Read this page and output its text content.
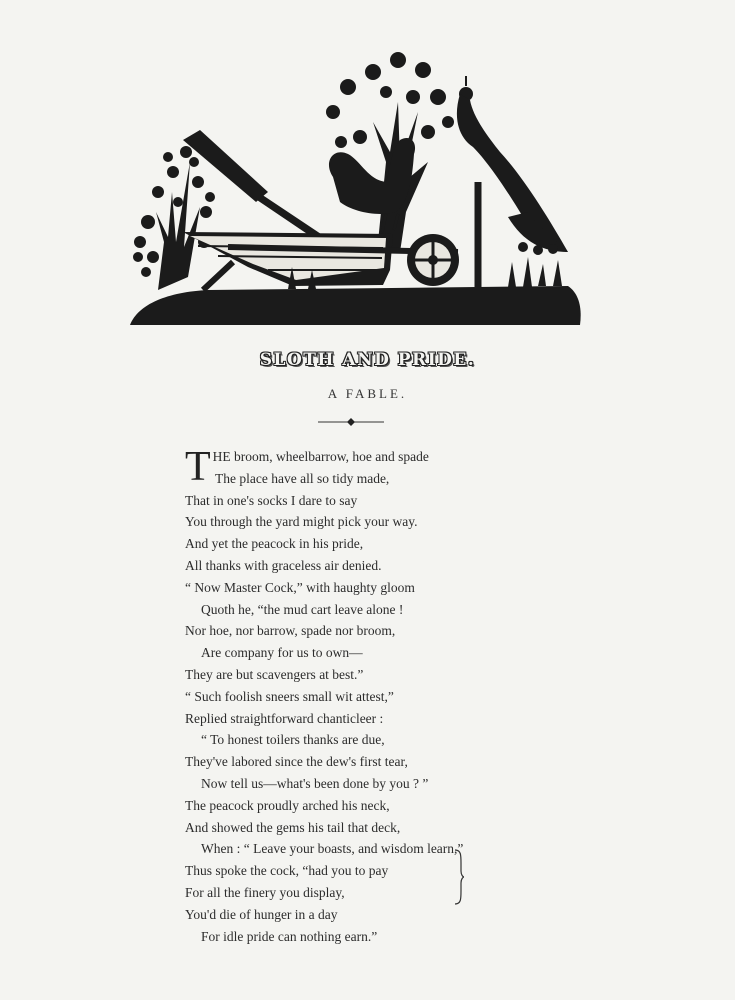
SLOTH AND PRIDE.
A FABLE.
THE broom, wheelbarrow, hoe and spade
The place have all so tidy made,
That in one's socks I dare to say
You through the yard might pick your way.
And yet the peacock in his pride,
All thanks with graceless air denied.
“ Now Master Cock,” with haughty gloom
Quoth he, “the mud cart leave alone !
Nor hoe, nor barrow, spade nor broom,
Are company for us to own—
They are but scavengers at best.”
“ Such foolish sneers small wit attest,”
Replied straightforward chanticleer :
“ To honest toilers thanks are due,
They've labored since the dew's first tear,
Now tell us—what's been done by you ? ”
The peacock proudly arched his neck,
And showed the gems his tail that deck,
When : “ Leave your boasts, and wisdom learn,”
Thus spoke the cock, “had you to pay
For all the finery you display,
You'd die of hunger in a day
For idle pride can nothing earn.”
